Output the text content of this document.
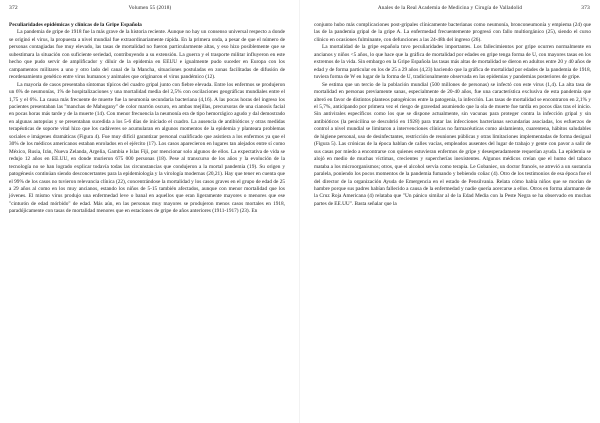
372	Volumen 55 (2018)

Peculiaridades epidémicas y clínicas de la Gripe Española

La pandemia de gripe de 1918 fue la más grave de la historia reciente. Aunque no hay un consenso universal respecto a donde se originó el virus, la propuesta a nivel mundial fue extraordinariamente rápida. En la primera onda, a pesar de que el número de personas contagiadas fue muy elevado, las tasas de mortalidad no fueron particularmente altas, y eso hizo posiblemente que se subestimara la situación con suficiente seriedad, contribuyendo a su extensión. La guerra y el trasporte militar influyeron en este hecho que pudo servir de amplificador y diluir de la epidemia en EEUU e igualmente pudo suceder en Europa con los campamentos militares a uno y otro lado del canal de la Mancha, situaciones postuladas en zonas facilitadas de difusión de reordenamiento genético entre virus humanos y animales que originaron el virus pandémico (12).

La mayoría de casos presentaba síntomas típicos del cuadro gripal junto con fiebre elevada. Entre los enfermos se produjeron un 6% de neumonías, 1% de hospitalizaciones y una mortalidad media del 2,5% con oscilaciones geográficas mundiales entre el 1,75 y el 6%. La causa más frecuente de muerte fue la neumonía secundaria bacteriana (4,16). A las pocas horas del ingreso los pacientes presentaban las "manchas de Mahogany" de color marrón oscuro, en ambas mejillas, precursoras de una cianosis facial en pocas horas más tarde y de la muerte (14). Con menor frecuencia la neumonía era de tipo hemorrágico agudo y dal demostrado en algunas autopsias y se presentaban sucedida a los 5-6 días de iniciado el cuadro. La ausencia de antibióticos y otras medidas terapéuticas de soporte vital hizo que los cadáveres se acumularan en algunos momentos de la epidemia y planteara problemas sociales e imágenes dramáticas (Figura 4). Fue muy difícil garantizar personal cualificado que asistiera a los enfermos ya que el 30% de los médicos americanos estaban enrolados en el ejército (17). Los casos aparecieron en lugares tan alejados entre sí como México, Rusia, Irán, Nueva Zelanda, Argelia, Gambia e Islas Fiji, por mencionar solo algunos de ellos. La expectativa de vida se redujo 12 años en EE.UU, en donde murieron 675 000 personas (18). Pese al transcurso de los años y la evolución de la tecnología no se han logrado explicar todavía todas las circunstancias que condujeron a la mortal pandemia (19). Su origen y patogénesis continúan siendo desconcertantes para la epidemiología y la virología modernas (20,21). Hay que tener en cuenta que el 99% de los casos no tuvieron relevancia clínica (22), concentrándose la mortalidad y los casos graves en el grupo de edad de 25 a 29 años al como en los muy ancianos, estando los niños de 5-15 también afectados, aunque con menor mortalidad que los jóvenes. El mismo virus produjo una enfermedad leve o banal en aquellos que eran ligeramente mayores o menores que ese "cinturón de edad mórbido" de edad. Más aún, en las personas muy mayores se produjeron menos casos mortales en 1918, paradójicamente con tasas de mortalidad menores que en estaciones de gripe de años anteriores (1911-1917) (23). En

Anales de la Real Academia de Medicina y Cirugía de Valladolid	373

conjunto hubo más complicaciones post-gripales clínicamente bacterianas como neumonía, bronconeumonía y empiema (24) que las de la pandemia gripal de la gripe A. La enfermedad frecuentemente progresó con fallo multiorgánico (25), siendo el curso clínico en ocasiones fulminante, con defunciones a las 24-48h del ingreso (26).

La mortalidad de la gripe española tuvo peculiaridades importantes. Los fallecimientos por gripe ocurren normalmente en ancianos y niños <5 años, lo que hace que la gráfica de mortalidad por edades en gripe tenga forma de U, con mayores tasas en los extremos de la vida. Sin embargo en la Gripe Española las tasas más altas de mortalidad se dieron en adultos entre 20 y 40 años de edad y de forma particular en los de 25 a 29 años (4,23) haciendo que la gráfica de mortalidad por edades de la pandemia de 1918, tuviera forma de W en lugar de la forma de U, tradicionalmente observada en las epidemias y pandemias posteriores de gripe.

Se estima que un tercio de la población mundial (500 millones de personas) se infectó con este virus (1,4). La alta tasa de mortalidad en personas previamente sanas, especialmente de 20-40 años, fue una característica exclusiva de esta pandemia que alteró en favor de distintos planteos patogénicos entre la patogenia, la infección. Las tasas de mortalidad se encontraron en 2,1% y el 5,7%, anticipando por primera vez el riesgo de gravedad asumiendo que la ola de muerte fue tardía en pocos días tras el inicio. Sin antivirales específicos como los que se dispone actualmente, sin vacunas para proteger contra la infección gripal y sin antibióticos (la penicilina se descubrió en 1928) para tratar las infecciones bacterianas secundarias asociadas, los esfuerzos de control a nivel mundial se limitaron a intervenciones clínicas no farmacéuticas como aislamiento, cuarentena, hábitos saludables de higiene personal, uso de desinfectantes, restricción de reuniones públicas y otras limitaciones implementadas de forma desigual (Figura 5). Las crónicas de la época hablan de calles vacías, empleados ausentes del lugar de trabajo y gente con pavor a salir de sus casas por miedo a encontrarse con quienes estuvieran enfermos de gripe y desesperadamente requerían ayuda. La epidemia se alojó en medio de muchas víctimas, crecientes y supercherías inexistentes. Algunos médicos creían que el humo del tabaco mataba a los microorganismos; otros, que el alcohol servía como terapia. Le Gobaniec, un doctor francés, se atrevió a un sustancia paralela, poniendo los pocos momentos de la pandemia fumando y bebiendo coñac (4). Otro de los testimonios de esa época fue el del director de la organización Ayuda de Emergencia en el estado de Pensilvania. Relata cómo había niños que se morían de hambre porque sus padres habían fallecido a causa de la enfermedad y nadie quería acercarse a ellos. Otros en forma alarmante de la Cruz Roja Americana (4) relataba que "Un pánico similar al de la Edad Media con la Peste Negra se ha observado en muchas partes de EE.UU". Basta señalar que la
